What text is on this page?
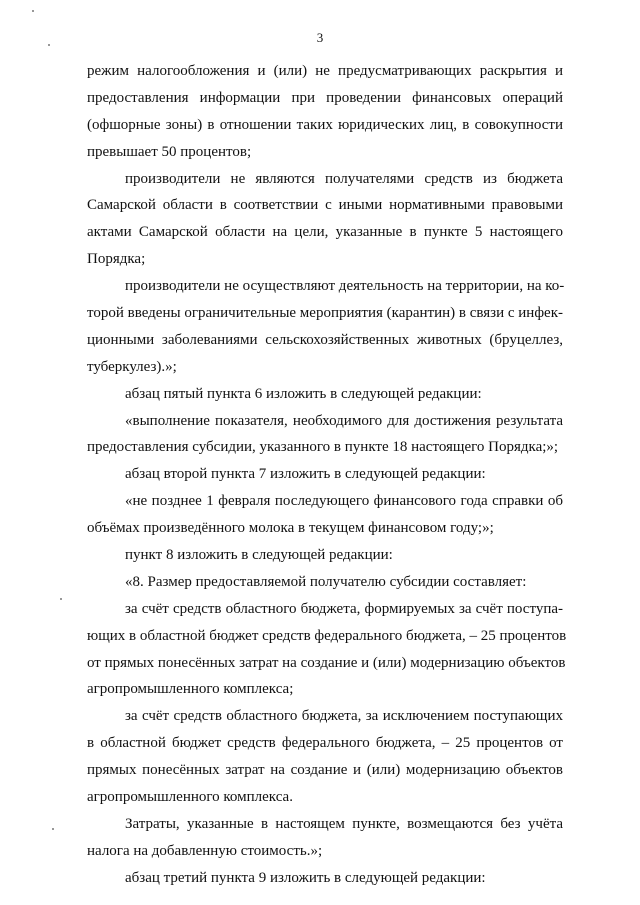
3
режим налогообложения и (или) не предусматривающих раскрытия и
предоставления информации при проведении финансовых операций
(офшорные зоны) в отношении таких юридических лиц, в совокупности
превышает 50 процентов;
производители не являются получателями средств из бюджета
Самарской области в соответствии с иными нормативными правовыми
актами Самарской области на цели, указанные в пункте 5 настоящего
Порядка;
производители не осуществляют деятельность на территории, на ко-
торой введены ограничительные мероприятия (карантин) в связи с инфек-
ционными заболеваниями сельскохозяйственных животных (бруцеллез,
туберкулез).»;
абзац пятый пункта 6 изложить в следующей редакции:
«выполнение показателя, необходимого для достижения результата
предоставления субсидии, указанного в пункте 18 настоящего Порядка;»;
абзац второй пункта 7 изложить в следующей редакции:
«не позднее 1 февраля последующего финансового года справки об
объёмах произведённого молока в текущем финансовом году;»;
пункт 8 изложить в следующей редакции:
«8. Размер предоставляемой получателю субсидии составляет:
за счёт средств областного бюджета, формируемых за счёт поступа-
ющих в областной бюджет средств федерального бюджета, – 25 процентов
от прямых понесённых затрат на создание и (или) модернизацию объектов
агропромышленного комплекса;
за счёт средств областного бюджета, за исключением поступающих
в областной бюджет средств федерального бюджета, – 25 процентов от
прямых понесённых затрат на создание и (или) модернизацию объектов
агропромышленного комплекса.
Затраты, указанные в настоящем пункте, возмещаются без учёта
налога на добавленную стоимость.»;
абзац третий пункта 9 изложить в следующей редакции:
